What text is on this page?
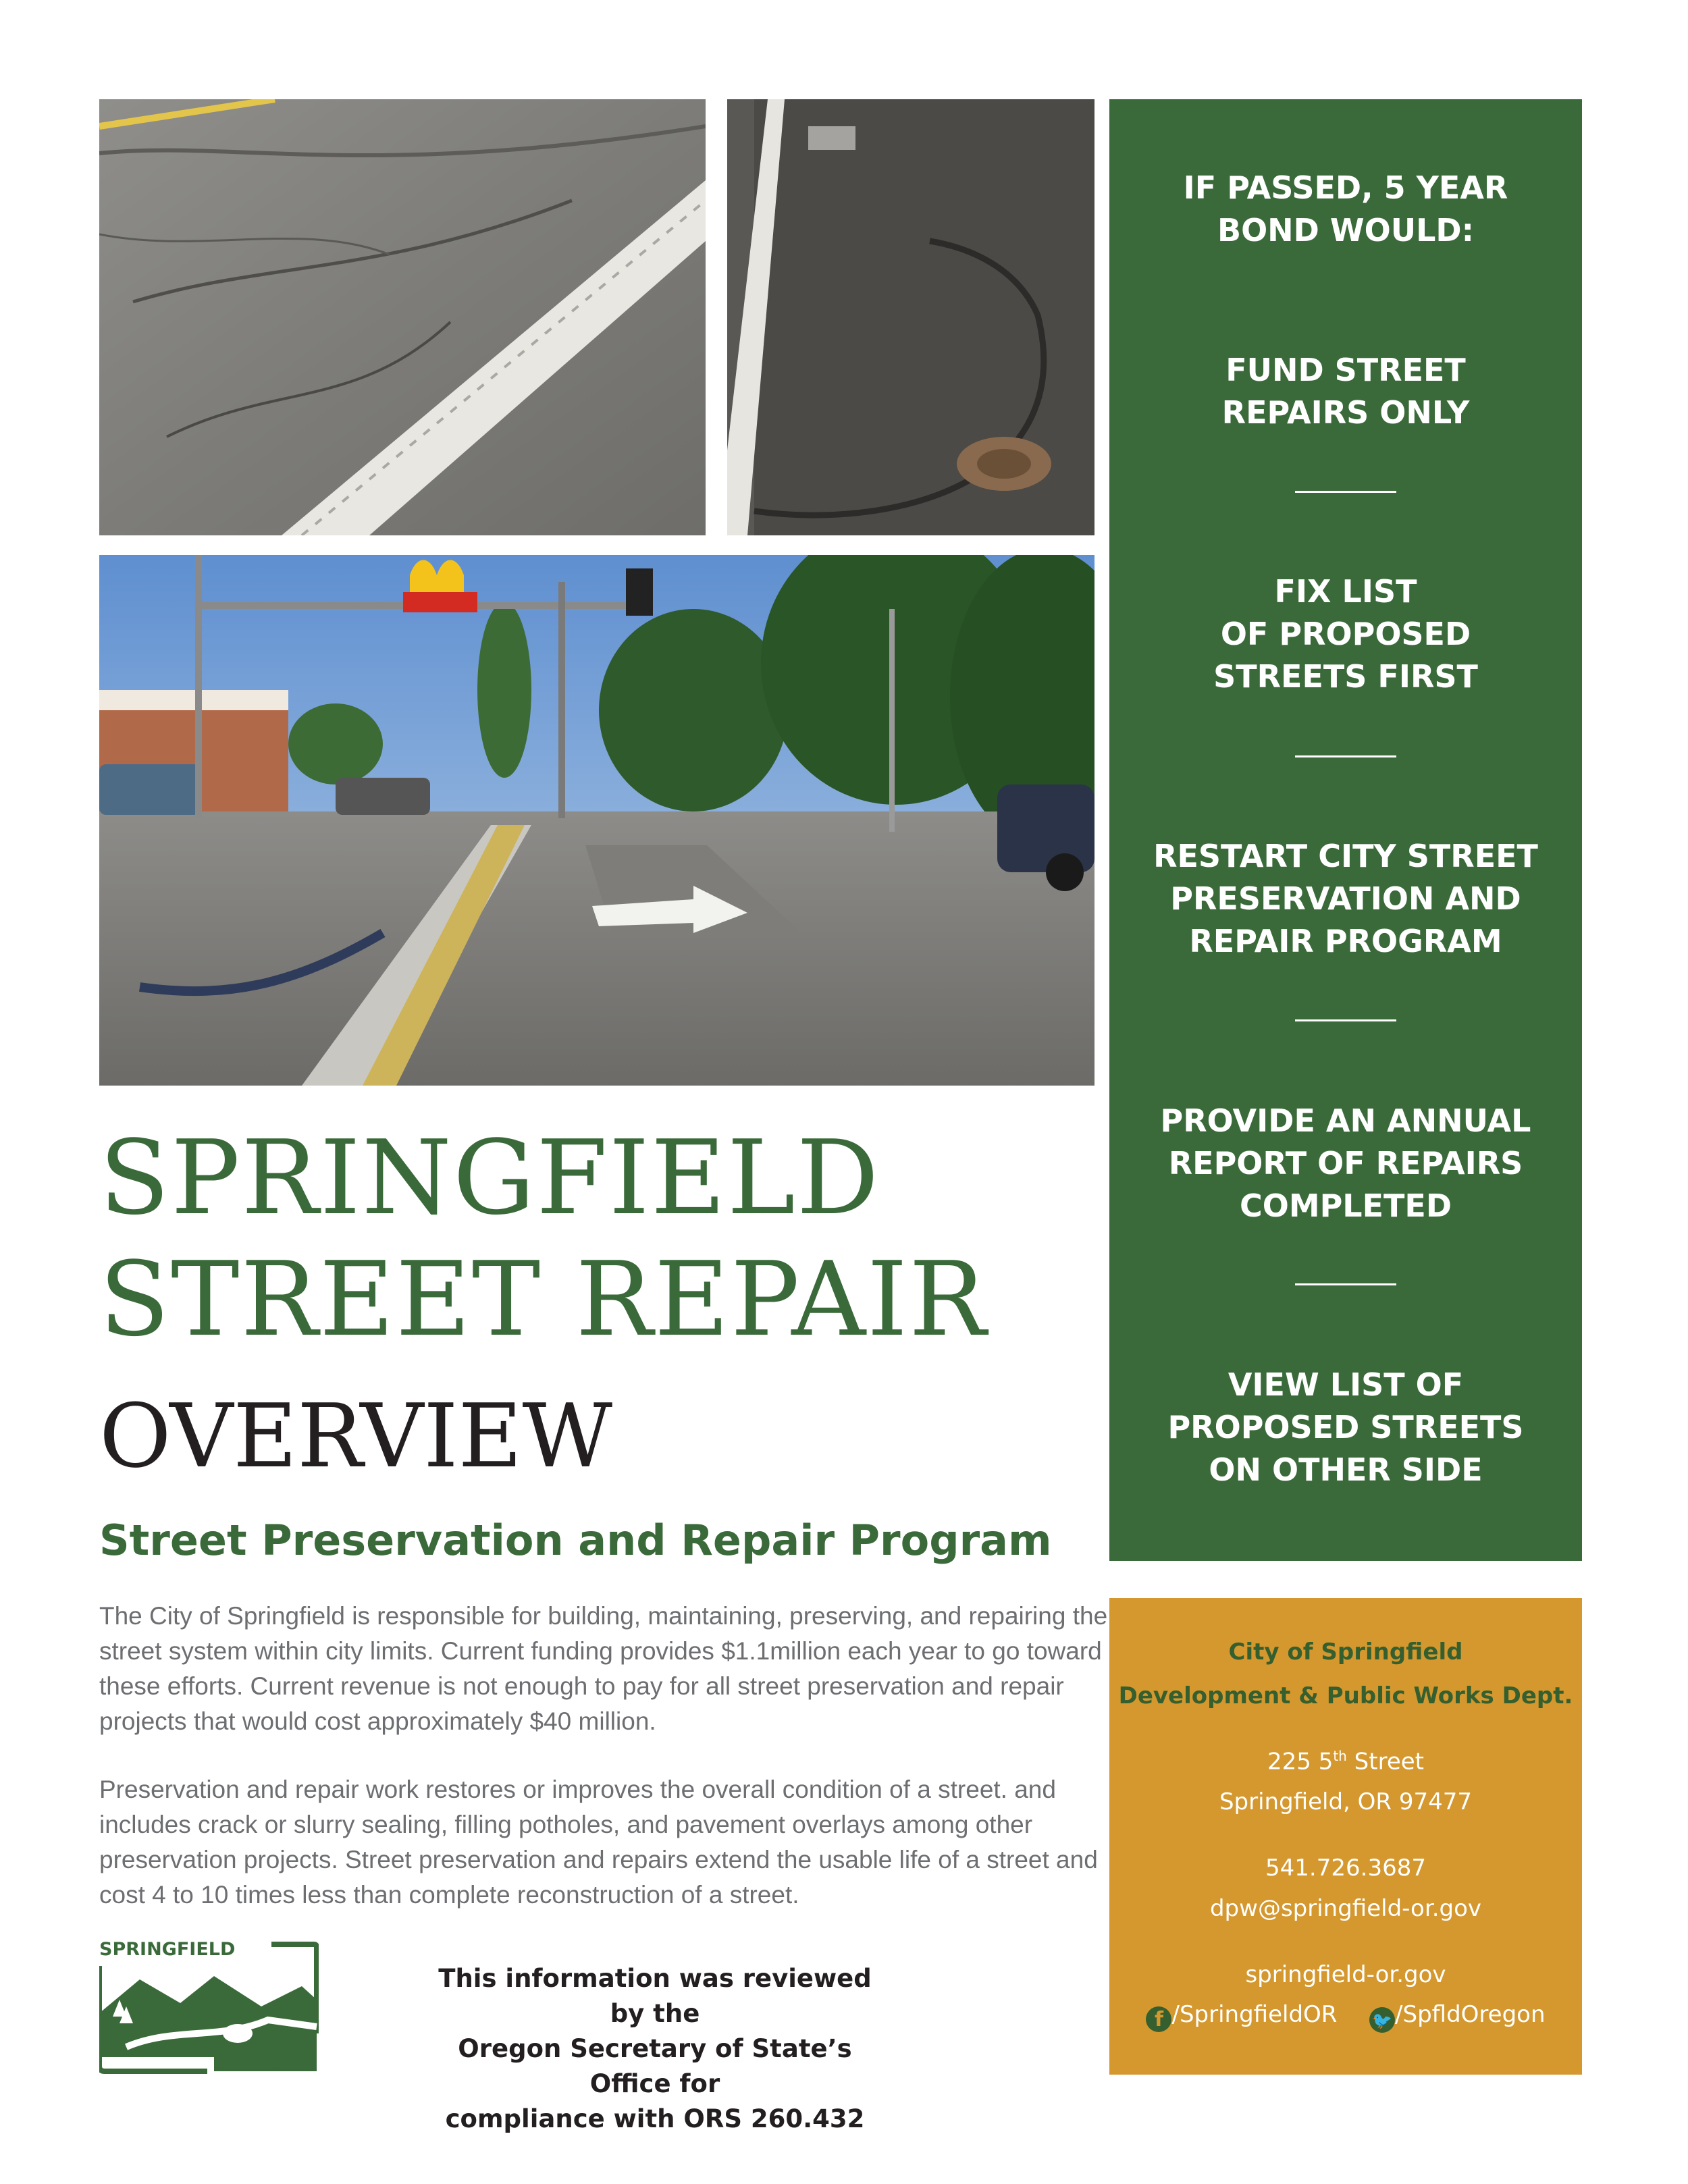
IF PASSED, 5 YEAR
BOND WOULD:
FUND STREET
REPAIRS ONLY
FIX LIST
OF PROPOSED
STREETS FIRST
RESTART CITY STREET
PRESERVATION AND
REPAIR PROGRAM
PROVIDE AN ANNUAL
REPORT OF REPAIRS
COMPLETED
VIEW LIST OF
PROPOSED STREETS
ON OTHER SIDE
City of Springfield
Development & Public Works Dept.
225 5th Street
Springfield, OR 97477
541.726.3687
dpw@springfield-or.gov
springfield-or.gov
f /SpringfieldOR 🐦 /SpfldOregon
SPRINGFIELD
STREET REPAIR
OVERVIEW
Street Preservation and Repair Program
The City of Springfield is responsible for building, maintaining, preserving, and repairing the street system within city limits. Current funding provides $1.1million each year to go toward these efforts. Current revenue is not enough to pay for all street preservation and repair projects that would cost approximately $40 million.
Preservation and repair work restores or improves the overall condition of a street. and includes crack or slurry sealing, filling potholes, and pavement overlays among other preservation projects. Street preservation and repairs extend the usable life of a street and cost 4 to 10 times less than complete reconstruction of a street.
SPRINGFIELD
OREGON
This information was reviewed by the
Oregon Secretary of State’s Office for
compliance with ORS 260.432
